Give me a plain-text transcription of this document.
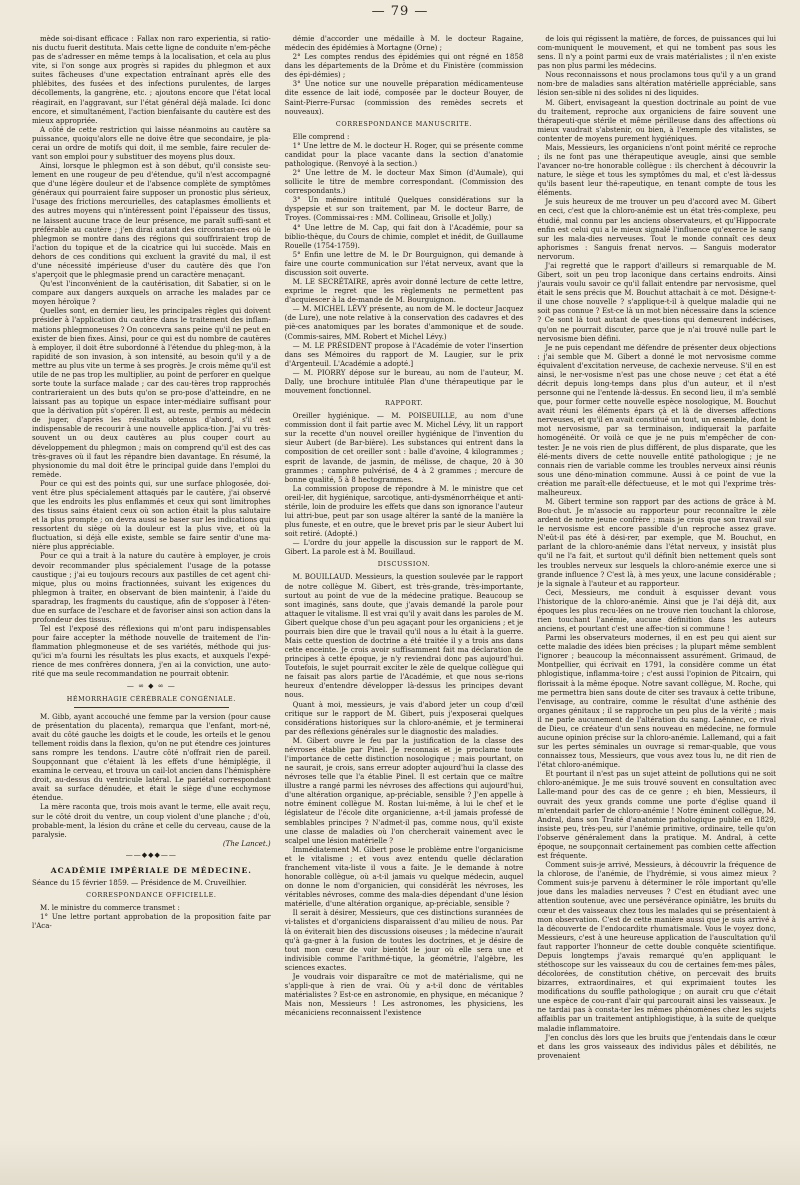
— 79 —

mède soi-disant efficace : Fallax non raro experientia, si ratio-nis ductu fuerit destituta. Mais cette ligne de conduite n'em-pêche pas de s'adresser en même temps à la localisation, et cela au plus vite, si l'on songe aux progrès si rapides du phlegmon et aux suites fâcheuses d'une expectation entraînant après elle des phlébites, des fusées et des infections purulentes, de larges décollements, la gangrène, etc. ; ajoutons encore que l'état local réagirait, en l'aggravant, sur l'état général déjà malade. Ici donc encore, et simultanément, l'action bienfaisante du cautère est des mieux appropriée.

A côté de cette restriction qui laisse néanmoins au cautère sa puissance, quoiqu'alors elle ne doive être que secondaire, je pla-cerai un ordre de motifs qui doit, il me semble, faire reculer de-vant son emploi pour y substituer des moyens plus doux.

Ainsi, lorsque le phlegmon est à son début, qu'il consiste seu-lement en une rougeur de peu d'étendue, qu'il n'est accompagné que d'une légère douleur et de l'absence complète de symptômes généraux qui pourraient faire supposer un pronostic plus sérieux, l'usage des frictions mercurielles, des cataplasmes émollients et des autres moyens qui n'intéressent point l'épaisseur des tissus, ne laissent aucune trace de leur présence, me paraît suffi-sant et préférable au cautère ; j'en dirai autant des circonstan-ces où le phlegmon se montre dans des régions qui souffriraient trop de l'action du topique et de la cicatrice qui lui succède. Mais en dehors de ces conditions qui excluent la gravité du mal, il est d'une nécessité impérieuse d'user du cautère dès que l'on s'aperçoit que le phlegmasie prend un caractère menaçant.

Qu'est l'inconvénient de la cautérisation, dit Sabatier, si on le compare aux dangers auxquels on arrache les malades par ce moyen héroïque ?

Quelles sont, en dernier lieu, les principales règles qui doivent présider à l'application du cautère dans le traitement des inflam-mations phlegmoneuses ? On concevra sans peine qu'il ne peut en exister de bien fixes. Ainsi, pour ce qui est du nombre de cautères à employer, il doit être subordonné à l'étendue du phleg-mon, à la rapidité de son invasion, à son intensité, au besoin qu'il y a de mettre au plus vite un terme à ses progrès. Je crois même qu'il est utile de ne pas trop les multiplier, au point de perforer en quelque sorte toute la surface malade ; car des cau-tères trop rapprochés contrarieraient un des buts qu'on se pro-pose d'atteindre, en ne laissant pas au topique un espace inter-médiaire suffisant pour que la dérivation pût s'opérer. Il est, au reste, permis au médecin de juger, d'après les résultats obtenus d'abord, s'il est indispensable de recourir à une nouvelle applica-tion. J'ai vu très-souvent un ou deux cautères au plus couper court au développement du phlegmon ; mais on comprend qu'il est des cas très-graves où il faut les répandre bien davantage. En résumé, la physionomie du mal doit être le principal guide dans l'emploi du remède.

Pour ce qui est des points qui, sur une surface phlogosée, doi-vent être plus spécialement attaqués par le cautère, j'ai observé que les endroits les plus enflammés et ceux qui sont limitrophes des tissus sains étaient ceux où son action était la plus salutaire et la plus prompte ; on devra aussi se baser sur les indications qui ressortent du siège où la douleur est la plus vive, et où la fluctuation, si déjà elle existe, semble se faire sentir d'une ma-nière plus appréciable.

Pour ce qui a trait à la nature du cautère à employer, je crois devoir recommander plus spécialement l'usage de la potasse caustique ; j'ai eu toujours recours aux pastilles de cet agent chi-mique, plus ou moins fractionnées, suivant les exigences du phlegmon à traiter, en observant de bien maintenir, à l'aide du sparadrap, les fragments du caustique, afin de s'opposer à l'éten-due en surface de l'eschare et de favoriser ainsi son action dans la profondeur des tissus.

Tel est l'exposé des réflexions qui m'ont paru indispensables pour faire accepter la méthode nouvelle de traitement de l'in-flammation phlegmoneuse et de ses variétés, méthode qui jus-qu'ici m'a fourni les résultats les plus exacts, et auxquels l'expé-rience de mes confrères donnera, j'en ai la conviction, une auto-rité que ma seule recommandation ne pourrait obtenir.

— ∞ ◆ ∞ —
HÉMORRHAGIE CÉRÉBRALE CONGÉNIALE.

M. Gibb, ayant accouché une femme par la version (pour cause de présentation du placenta), remarqua que l'enfant, mort-né, avait du côté gauche les doigts et le coude, les orteils et le genou tellement roidis dans la flexion, qu'on ne put étendre ces jointures sans rompre les tendons. L'autre côté n'offrait rien de pareil. Soupçonnant que c'étaient là les effets d'une hémiplégie, il examina le cerveau, et trouva un cail-lot ancien dans l'hémisphère droit, au-dessus du ventricule latéral. Le pariétal correspondant avait sa surface dénudée, et était le siège d'une ecchymose étendue.

La mère raconta que, trois mois avant le terme, elle avait reçu, sur le côté droit du ventre, un coup violent d'une planche ; d'où, probable-ment, la lésion du crâne et celle du cerveau, cause de la paralysie.

(The Lancet.)

——◆◆◆——
ACADÉMIE IMPÉRIALE DE MÉDECINE.

Séance du 15 février 1859. — Présidence de M. Cruveilhier.

CORRESPONDANCE OFFICIELLE.

M. le ministre du commerce transmet :

1° Une lettre portant approbation de la proposition faite par l'Aca-

démie d'accorder une médaille à M. le docteur Ragaine, médecin des épidémies à Mortagne (Orne) ;

2° Les comptes rendus des épidémies qui ont régné en 1858 dans les départements de la Drôme et du Finistère (commission des épi-démies) ;

3° Une notice sur une nouvelle préparation médicamenteuse dite essence de lait iodé, composée par le docteur Bouyer, de Saint-Pierre-Fursac (commission des remèdes secrets et nouveaux).

CORRESPONDANCE MANUSCRITE.

Elle comprend :

1° Une lettre de M. le docteur H. Roger, qui se présente comme candidat pour la place vacante dans la section d'anatomie pathologique. (Renvoyé à la section.)

2° Une lettre de M. le docteur Max Simon (d'Aumale), qui sollicite le titre de membre correspondant. (Commission des correspondants.)

3° Un mémoire intitulé Quelques considérations sur la dyspepsie et sur son traitement, par M. le docteur Barre, de Troyes. (Commissai-res : MM. Collineau, Grisolle et Jolly.)

4° Une lettre de M. Cap, qui fait don à l'Académie, pour sa biblio-thèque, du Cours de chimie, complet et inédit, de Guillaume Rouelle (1754-1759).

5° Enfin une lettre de M. le Dr Bourguignon, qui demande à faire une courte communication sur l'état nerveux, avant que la discussion soit ouverte.

M. LE SECRÉTAIRE, après avoir donné lecture de cette lettre, exprime le regret que les règlements ne permettent pas d'acquiescer à la de-mande de M. Bourguignon.

— M. MICHEL LÉVY présente, au nom de M. le docteur Jacquez (de Lure), une note relative à la conservation des cadavres et des piè-ces anatomiques par les borates d'ammonique et de soude. (Commis-saires, MM. Robert et Michel Lévy.)

— M. LE PRÉSIDENT propose à l'Académie de voter l'insertion dans ses Mémoires du rapport de M. Laugier, sur le prix d'Argenteuil. L'Académie a adopté.]

— M. PIORRY dépose sur le bureau, au nom de l'auteur, M. Dally, une brochure intitulée Plan d'une thérapeutique par le mouvement fonctionnel.

RAPPORT.

Oreiller hygiénique. — M. POISEUILLE, au nom d'une commission dont il fait partie avec M. Michel Lévy, lit un rapport sur la recette d'un nouvel oreiller hygiénique de l'invention du sieur Aubert (de Bar-bière). Les substances qui entrent dans la composition de cet oreiller sont : balle d'avoine, 4 kilogrammes ; esprit de lavande, de jasmin, de mélisse, de chaque, 20 à 30 grammes ; camphre pulvérisé, de 4 à 2 grammes ; mercure de bonne qualité, 5 à 8 hectogrammes.

La commission propose de répondre à M. le ministre que cet oreil-ler, dit hygiénique, sarcotique, anti-dysménorrhéique et anti-stérile, loin de produire les effets que dans son ignorance l'auteur lui attri-bue, peut par son usage altérer la santé de la manière la plus funeste, et en outre, que le brevet pris par le sieur Aubert lui soit retiré. (Adopté.)

— L'ordre du jour appelle la discussion sur le rapport de M. Gibert. La parole est à M. Bouillaud.

DISCUSSION.

M. BOUILLAUD. Messieurs, la question soulevée par le rapport de notre collègue M. Gibert, est très-grande, très-importante, surtout au point de vue de la médecine pratique. Beaucoup se sont imaginés, sans doute, que j'avais demandé la parole pour attaquer le vitalisme. Il est vrai qu'il y avait dans les paroles de M. Gibert quelque chose d'un peu agaçant pour les organiciens ; et je pourrais bien dire que le travail qu'il nous a lu était à la guerre. Mais cette question de doctrine a été traitée il y a trois ans dans cette enceinte. Je crois avoir suffisamment fait ma déclaration de principes à cette époque, je n'y reviendrai donc pas aujourd'hui. Toutefois, le sujet pourrait exciter le zèle de quelque collègue qui ne faisait pas alors partie de l'Académie, et que nous se-rions heureux d'entendre développer là-dessus les principes devant nous.

Quant à moi, messieurs, je vais d'abord jeter un coup d'œil critique sur le rapport de M. Gibert, puis j'exposerai quelques considérations historiques sur la chloro-anémie, et je terminerai par des réflexions générales sur le diagnostic des maladies.

M. Gibert ouvre le feu par la justification de la classe des névroses établie par Pinel. Je reconnais et je proclame toute l'importance de cette distinction nosologique ; mais pourtant, on ne saurait, je crois, sans erreur adopter aujourd'hui la classe des névroses telle que l'a établie Pinel. Il est certain que ce maître illustre a rangé parmi les névroses des affections qui aujourd'hui, d'une altération organique, ap-préciable, sensible ? J'en appelle à notre éminent collègue M. Rostan lui-même, à lui le chef et le législateur de l'école dite organicienne, a-t-il jamais professé de semblables principes ? N'admet-il pas, comme nous, qu'il existe une classe de maladies où l'on chercherait vainement avec le scalpel une lésion matérielle ?

Immédiatement M. Gibert pose le problème entre l'organicisme et le vitalisme ; et vous avez entendu quelle déclaration franchement vita-liste il vous a faite. Je le demande à notre honorable collègue, où a-t-il jamais vu quelque médecin, auquel on donne le nom d'organicien, qui considérât les névroses, les véritables névroses, comme des mala-dies dépendant d'une lésion matérielle, d'une altération organique, ap-préciable, sensible ?

Il serait à désirer, Messieurs, que ces distinctions surannées de vi-talistes et d'organiciens disparaissent d'au milieu de nous. Par là on éviterait bien des discussions oiseuses ; la médecine n'aurait qu'à ga-gner à la fusion de toutes les doctrines, et je désire de tout mon cœur de voir bientôt le jour où elle sera une et indivisible comme l'arithmé-tique, la géométrie, l'algèbre, les sciences exactes.

Je voudrais voir disparaître ce mot de matérialisme, qui ne s'appli-que à rien de vrai. Où y a-t-il donc de véritables matérialistes ? Est-ce en astronomie, en physique, en mécanique ? Mais non, Messieurs ! Les astronomes, les physiciens, les mécaniciens reconnaissent l'existence

de lois qui régissent la matière, de forces, de puissances qui lui com-muniquent le mouvement, et qui ne tombent pas sous les sens. Il n'y a point parmi eux de vrais matérialistes ; il n'en existe pas non plus parmi les médecins.

Nous reconnaissons et nous proclamons tous qu'il y a un grand nom-bre de maladies sans altération matérielle appréciable, sans lésion sen-sible ni des solides ni des liquides.

M. Gibert, envisageant la question doctrinale au point de vue du traitement, reproche aux organiciens de faire souvent une thérapeuti-que stérile et même périlleuse dans des affections où mieux vaudrait s'abstenir, ou bien, à l'exemple des vitalistes, se contenter de moyens purement hygiéniques.

Mais, Messieurs, les organiciens n'ont point mérité ce reproche ; ils ne font pas une thérapeutique aveugle, ainsi que semble l'avancer no-tre honorable collègue : ils cherchent à découvrir la nature, le siège et tous les symptômes du mal, et c'est là-dessus qu'ils basent leur thé-rapeutique, en tenant compte de tous les éléments.

Je suis heureux de me trouver un peu d'accord avec M. Gibert en ceci, c'est que la chloro-anémie est un état très-complexe, peu étudié, mal connu par les anciens observateurs, et qu'Hippocrate enfin est celui qui a le mieux signalé l'influence qu'exerce le sang sur les mala-dies nerveuses. Tout le monde connaît ces deux aphorismes : Sanguis frenat nervos. — Sanguis moderator nervorum.

J'ai regretté que le rapport d'ailleurs si remarquable de M. Gibert, soit un peu trop laconique dans certains endroits. Ainsi j'aurais voulu savoir ce qu'il fallait entendre par nervosisme, quel était le sens précis que M. Bouchut attachait à ce mot. Désigne-t-il une chose nouvelle ? s'applique-t-il à quelque maladie qui ne soit pas connue ? Est-ce là un mot bien nécessaire dans la science ? Ce sont là tout autant de ques-tions qui demeurent indécises, qu'on ne pourrait discuter, parce que je n'ai trouvé nulle part le nervosisme bien défini.

Je ne puis cependant me défendre de présenter deux objections : j'ai semble que M. Gibert a donné le mot nervosisme comme équivalent d'excitation nerveuse, de cachexie nerveuse. S'il en est ainsi, le ner-vosisme n'est pas une chose neuve ; cet état a été décrit depuis long-temps dans plus d'un auteur, et il n'est personne qui ne l'entende là-dessus. En second lieu, il m'a semblé que, pour former cette nouvelle espèce nosologique, M. Bouchut avait réuni les éléments épars çà et là de diverses affections nerveuses, et qu'il en avait constitué un tout, un ensemble, dont le mot nervosisme, par sa terminaison, indiquerait la parfaite homogénéité. Or voilà ce que je ne puis m'empêcher de con-tester. Je ne vois rien de plus différent, de plus disparate, que les élé-ments divers de cette nouvelle entité pathologique ; je ne connais rien de variable comme les troubles nerveux ainsi réunis sous une déno-mination commune. Aussi à ce point de vue la création me paraît-elle défectueuse, et le mot qui l'exprime très-malheureux.

M. Gibert termine son rapport par des actions de grâce à M. Bou-chut. Je m'associe au rapporteur pour reconnaître le zèle ardent de notre jeune confrère ; mais je crois que son travail sur le nervosisme est encore passible d'un reproche assez grave. N'eût-il pas été à dési-rer, par exemple, que M. Bouchut, en parlant de la chloro-anémie dans l'état nerveux, y insistât plus qu'il ne l'a fait, et surtout qu'il définît bien nettement quels sont les troubles nerveux sur lesquels la chloro-anémie exerce une si grande influence ? C'est là, à mes yeux, une lacune considérable ; je la signale à l'auteur et au rapporteur.

Ceci, Messieurs, me conduit à esquisser devant vous l'historique de la chloro-anémie. Ainsi que je l'ai déjà dit, aux époques les plus recu-lées on ne trouve rien touchant la chlorose, rien touchant l'anémie, aucune définition dans les auteurs anciens, et pourtant c'est une affec-tion si commune !

Parmi les observateurs modernes, il en est peu qui aient sur cette maladie des idées bien précises ; la plupart même semblent l'ignorer ; beaucoup la méconnaissent assurément. Grimaud, de Montpellier, qui écrivait en 1791, la considère comme un état phlogistique, inflamma-toire ; c'est aussi l'opinion de Pitcairn, qui florissait à la même époque. Notre savant collègue, M. Roche, qui me permettra bien sans doute de citer ses travaux à cette tribune, l'envisage, au contraire, comme le résultat d'une asthénie des organes génitaux ; il se rapproche un peu plus de la vérité ; mais il ne parle aucunement de l'altération du sang. Laënnec, ce rival de Dieu, ce créateur d'un sens nouveau en médecine, ne formule aucune opinion précise sur la chloro-anémie. Lallemand, qui a fait sur les pertes séminales un ouvrage si remar-quable, que vous connaissez tous, Messieurs, que vous avez tous lu, ne dit rien de l'état chloro-anémique.

Et pourtant il n'est pas un sujet atteint de pollutions qui ne soit chloro-anémique. Je me suis trouvé souvent en consultation avec Lalle-mand pour des cas de ce genre ; eh bien, Messieurs, il ouvrait des yeux grands comme une porte d'église quand il m'entendait parler de chloro-anémie ! Notre éminent collègue, M. Andral, dans son Traité d'anatomie pathologique publié en 1829, insiste peu, très-peu, sur l'anémie primitive, ordinaire, telle qu'on l'observe généralement dans la pratique. M. Andral, à cette époque, ne soupçonnait certainement pas combien cette affection est fréquente.

Comment suis-je arrivé, Messieurs, à découvrir la fréquence de la chlorose, de l'anémie, de l'hydrémie, si vous aimez mieux ? Comment suis-je parvenu à déterminer le rôle important qu'elle joue dans les maladies nerveuses ? C'est en étudiant avec une attention soutenue, avec une persévérance opiniâtre, les bruits du cœur et des vaisseaux chez tous les malades qui se présentaient à mon observation. C'est de cette manière aussi que je suis arrivé à la découverte de l'endocardite rhumatismale. Vous le voyez donc, Messieurs, c'est à une heureuse application de l'auscultation qu'il faut rapporter l'honneur de cette double conquête scientifique. Depuis longtemps j'avais remarqué qu'en appliquant le stéthoscope sur les vaisseaux du cou de certaines fem-mes pâles, décolorées, de constitution chétive, on percevait des bruits bizarres, extraordinaires, et qui exprimaient toutes les modifications du souffle pathologique ; on aurait cru que c'était une espèce de cou-rant d'air qui parcourait ainsi les vaisseaux. Je ne tardai pas à consta-ter les mêmes phénomènes chez les sujets affaiblis par un traitement antiphlogistique, à la suite de quelque maladie inflammatoire.

J'en conclus dès lors que les bruits que j'entendais dans le cœur et dans les gros vaisseaux des individus pâles et débilités, ne provenaient
